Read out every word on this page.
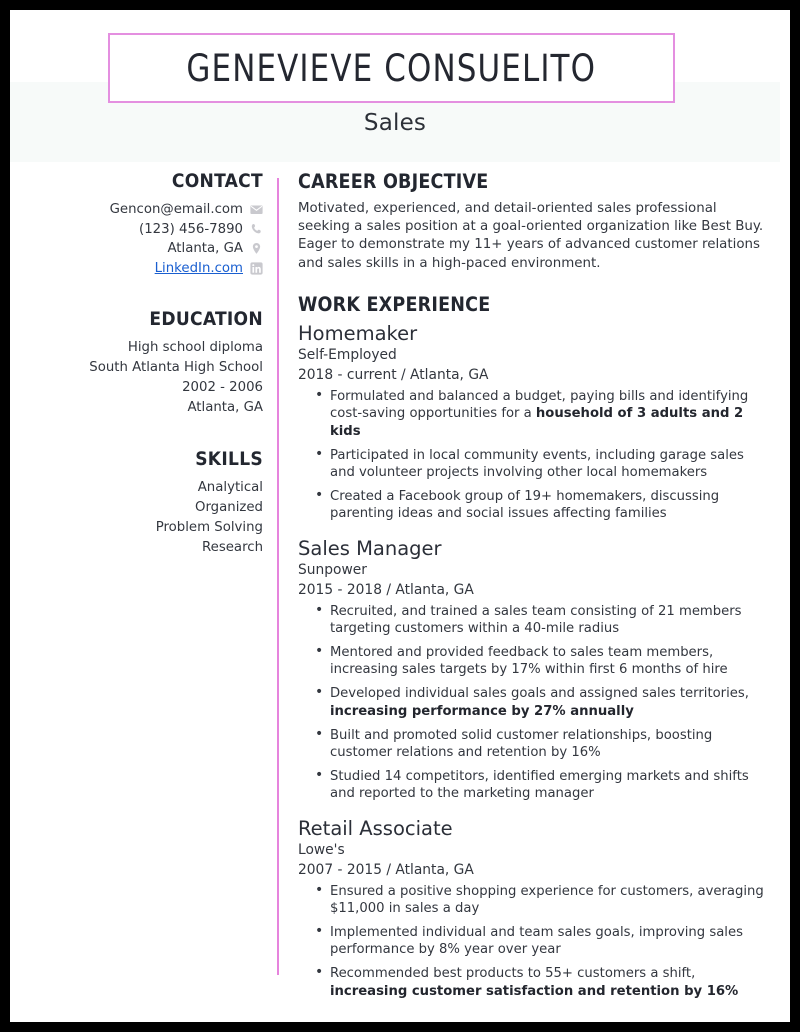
GENEVIEVE CONSUELITO
Sales
CONTACT
Gencon@email.com
(123) 456-7890
Atlanta, GA
LinkedIn.com
EDUCATION
High school diploma
South Atlanta High School
2002 - 2006
Atlanta, GA
SKILLS
Analytical
Organized
Problem Solving
Research
CAREER OBJECTIVE
Motivated, experienced, and detail-oriented sales professional seeking a sales position at a goal-oriented organization like Best Buy. Eager to demonstrate my 11+ years of advanced customer relations and sales skills in a high-paced environment.
WORK EXPERIENCE
Homemaker
Self-Employed
2018 - current / Atlanta, GA
• Formulated and balanced a budget, paying bills and identifying cost-saving opportunities for a household of 3 adults and 2 kids
• Participated in local community events, including garage sales and volunteer projects involving other local homemakers
• Created a Facebook group of 19+ homemakers, discussing parenting ideas and social issues affecting families
Sales Manager
Sunpower
2015 - 2018 / Atlanta, GA
• Recruited, and trained a sales team consisting of 21 members targeting customers within a 40-mile radius
• Mentored and provided feedback to sales team members, increasing sales targets by 17% within first 6 months of hire
• Developed individual sales goals and assigned sales territories, increasing performance by 27% annually
• Built and promoted solid customer relationships, boosting customer relations and retention by 16%
• Studied 14 competitors, identified emerging markets and shifts and reported to the marketing manager
Retail Associate
Lowe's
2007 - 2015 / Atlanta, GA
• Ensured a positive shopping experience for customers, averaging $11,000 in sales a day
• Implemented individual and team sales goals, improving sales performance by 8% year over year
• Recommended best products to 55+ customers a shift, increasing customer satisfaction and retention by 16%
